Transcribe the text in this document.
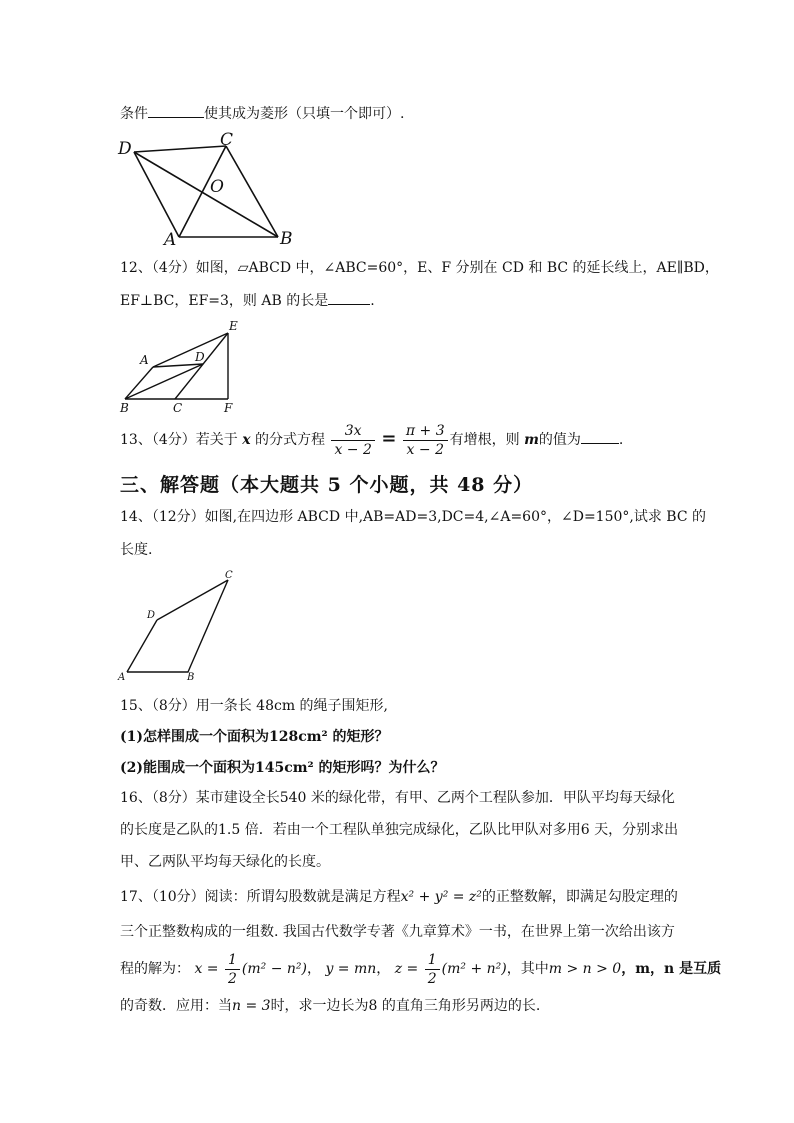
条件	使其成为菱形（只填一个即可）.
D	C
O
A	B
12、（4分）如图，▱ABCD 中，∠ABC=60°，E、F 分别在 CD 和 BC 的延长线上，AE∥BD，
EF⊥BC，EF=3，则 AB 的长是	.
E
A	D
B	C	F
13、（4分）若关于 x 的分式方程 $\frac{3x}{x - 2} = \frac{\pi + 3}{x - 2}$ 有增根，则 m的值为	.
三、解答题（本大题共 5 个小题，共 48 分）
14、（12分）如图,在四边形 ABCD 中,AB=AD=3,DC=4,∠A=60°，∠D=150°,试求 BC 的
长度.
C
D
A	B
15、（8分）用一条长 48cm 的绳子围矩形,
(1)怎样围成一个面积为128cm² 的矩形？
(2)能围成一个面积为145cm² 的矩形吗？为什么？
16、（8分）某市建设全长540 米的绿化带，有甲、乙两个工程队参加．甲队平均每天绿化
的长度是乙队的1.5 倍．若由一个工程队单独完成绿化，乙队比甲队对多用6 天，分别求出
甲、乙两队平均每天绿化的长度。
17、（10分）阅读：所谓勾股数就是满足方程x² + y² = z²的正整数解，即满足勾股定理的
三个正整数构成的一组数. 我国古代数学专著《九章算术》一书，在世界上第一次给出该方
程的解为： $x = \frac{1}{2} (m^2 - n^2)$， y = mn， $z = \frac{1}{2} (m^2 + n^2)$，其中m > n > 0，m，n 是互质
的奇数．应用：当n = 3时，求一边长为8 的直角三角形另两边的长.
